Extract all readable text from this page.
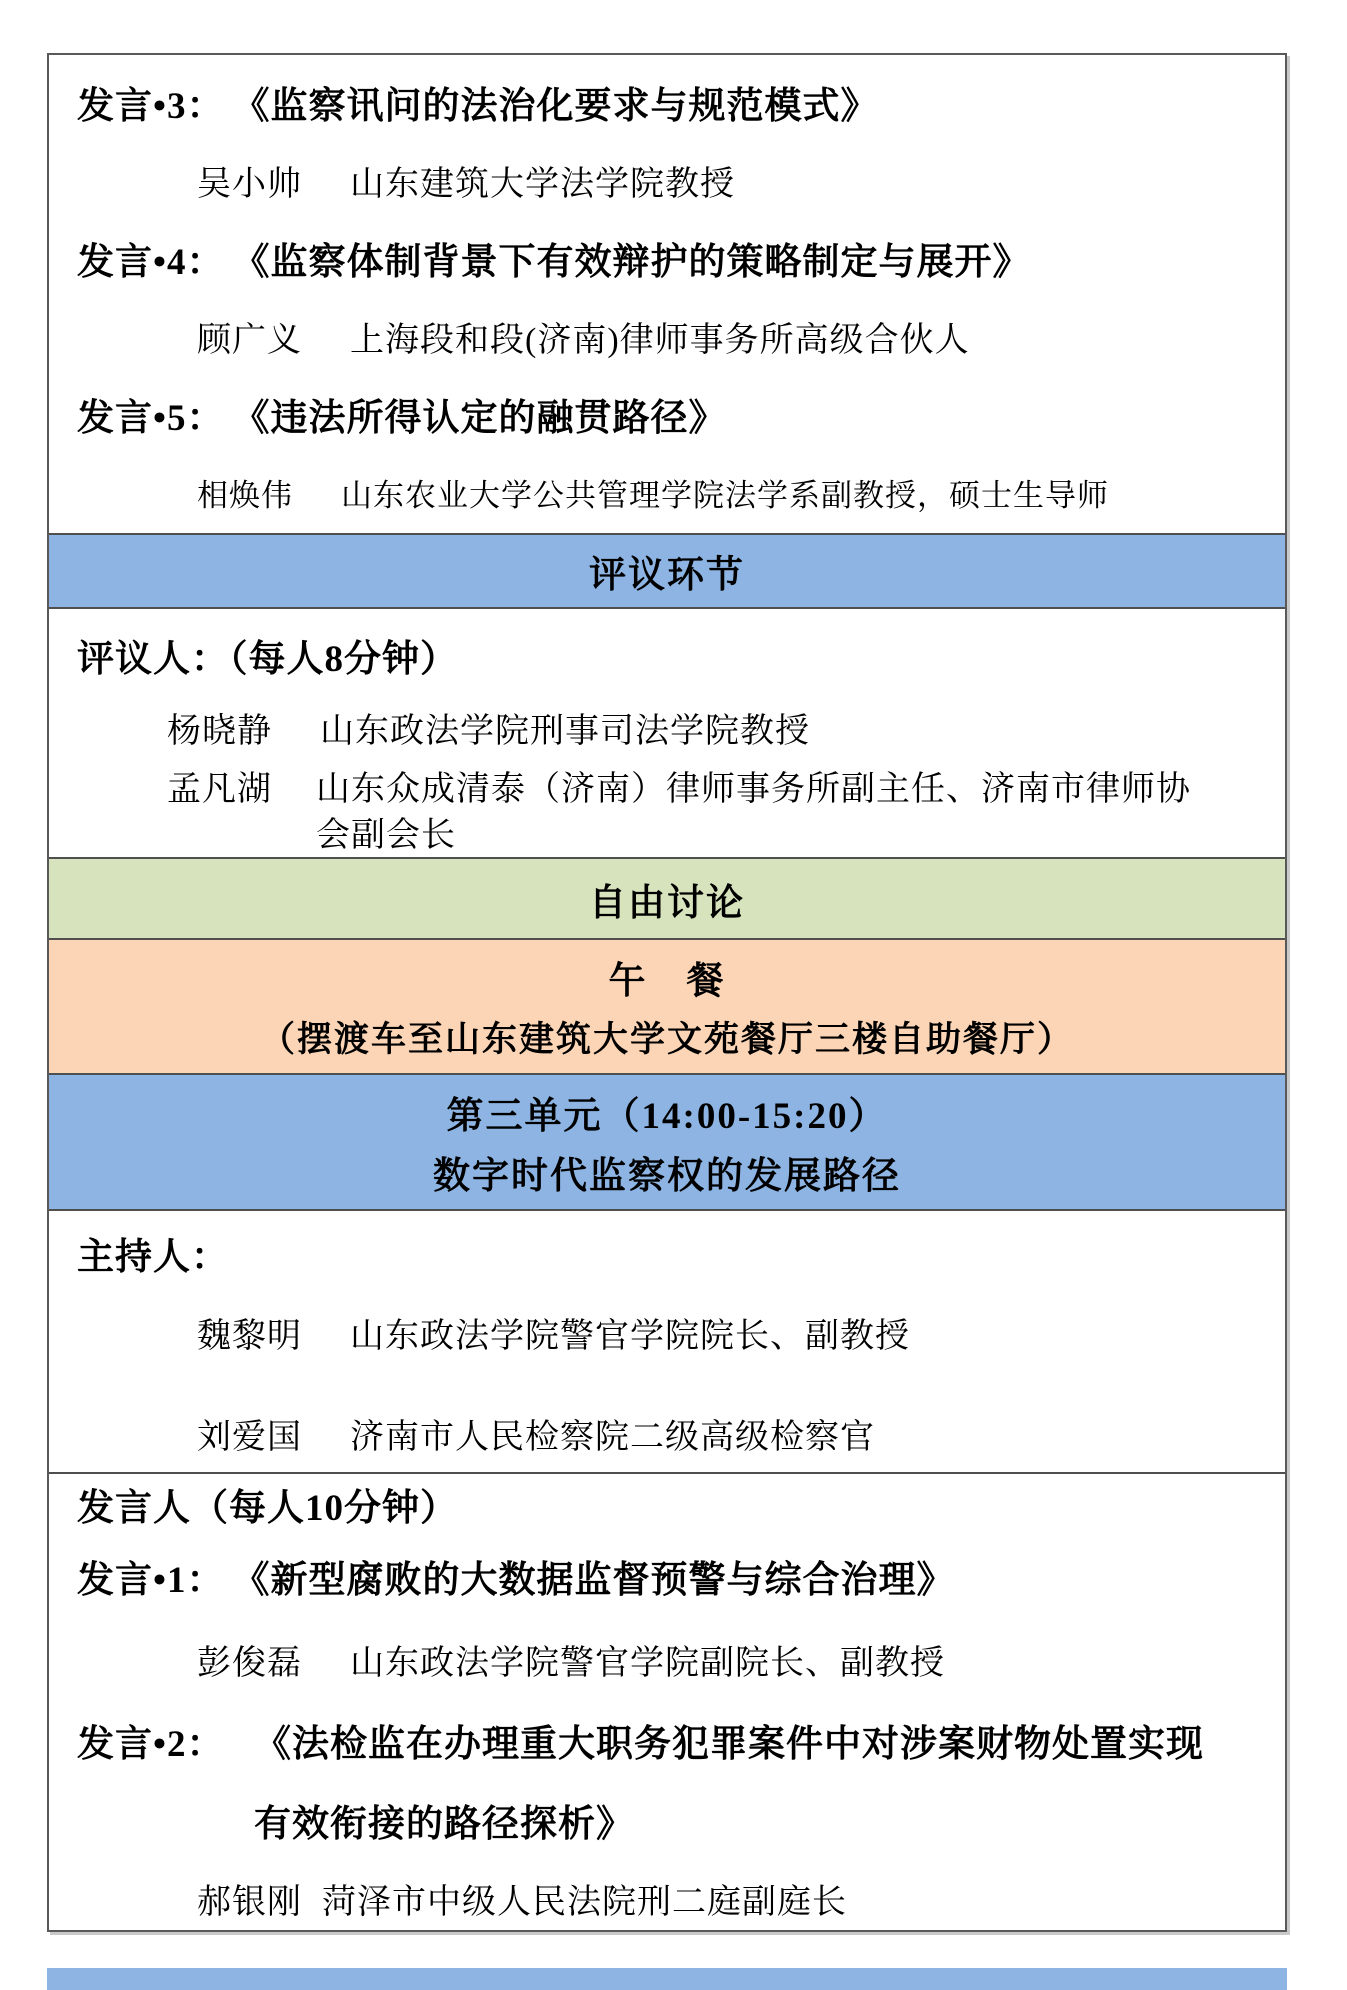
发言•3： 《监察讯问的法治化要求与规范模式》
吴小帅 山东建筑大学法学院教授
发言•4： 《监察体制背景下有效辩护的策略制定与展开》
顾广义 上海段和段(济南)律师事务所高级合伙人
发言•5： 《违法所得认定的融贯路径》
相焕伟 山东农业大学公共管理学院法学系副教授，硕士生导师
评议环节
评议人：（每人8分钟）
杨晓静 山东政法学院刑事司法学院教授
孟凡湖 山东众成清泰（济南）律师事务所副主任、济南市律师协会副会长
自由讨论
午　餐
（摆渡车至山东建筑大学文苑餐厅三楼自助餐厅）
第三单元（14:00-15:20）
数字时代监察权的发展路径
主持人：
魏黎明 山东政法学院警官学院院长、副教授
刘爱国 济南市人民检察院二级高级检察官
发言人（每人10分钟）
发言•1： 《新型腐败的大数据监督预警与综合治理》
彭俊磊 山东政法学院警官学院副院长、副教授
发言•2： 《法检监在办理重大职务犯罪案件中对涉案财物处置实现
有效衔接的路径探析》
郝银刚 菏泽市中级人民法院刑二庭副庭长
